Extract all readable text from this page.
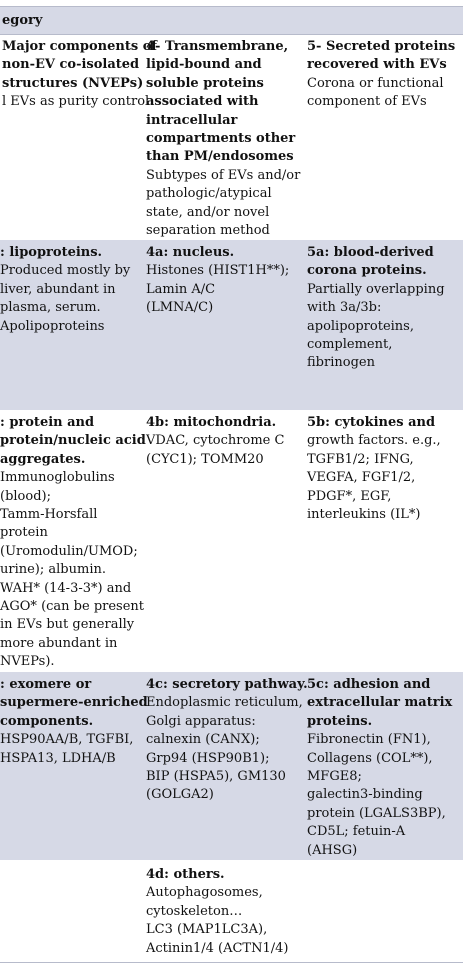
egory
Major components of
non-EV co-isolated
structures (NVEPs)
l EVs as purity control
4- Transmembrane,
lipid-bound and
soluble proteins
associated with
intracellular
compartments other
than PM/endosomes
Subtypes of EVs and/or
pathologic/atypical
state, and/or novel
separation method
5- Secreted proteins
recovered with EVs
Corona or functional
component of EVs
: lipoproteins.
Produced mostly by
liver, abundant in
plasma, serum.
Apolipoproteins
4a: nucleus.
Histones (HIST1H**);
Lamin A/C
(LMNA/C)
5a: blood-derived
corona proteins.
Partially overlapping
with 3a/3b:
apolipoproteins,
complement,
fibrinogen
: protein and
protein/nucleic acid
aggregates.
Immunoglobulins
(blood);
Tamm-Horsfall
protein
(Uromodulin/UMOD;
urine); albumin.
WAH* (14-3-3*) and
AGO* (can be present
in EVs but generally
more abundant in
NVEPs).
4b: mitochondria.
VDAC, cytochrome C
(CYC1); TOMM20
5b: cytokines and
growth factors. e.g.,
TGFB1/2; IFNG,
VEGFA, FGF1/2,
PDGF*, EGF,
interleukins (IL*)
: exomere or
supermere-enriched
components.
HSP90AA/B, TGFBI,
HSPA13, LDHA/B
4c: secretory pathway.
Endoplasmic reticulum,
Golgi apparatus:
calnexin (CANX);
Grp94 (HSP90B1);
BIP (HSPA5), GM130
(GOLGA2)
5c: adhesion and
extracellular matrix
proteins.
Fibronectin (FN1),
Collagens (COL**),
MFGE8;
galectin3-binding
protein (LGALS3BP),
CD5L; fetuin-A
(AHSG)
4d: others.
Autophagosomes,
cytoskeleton…
LC3 (MAP1LC3A),
Actinin1/4 (ACTN1/4)
